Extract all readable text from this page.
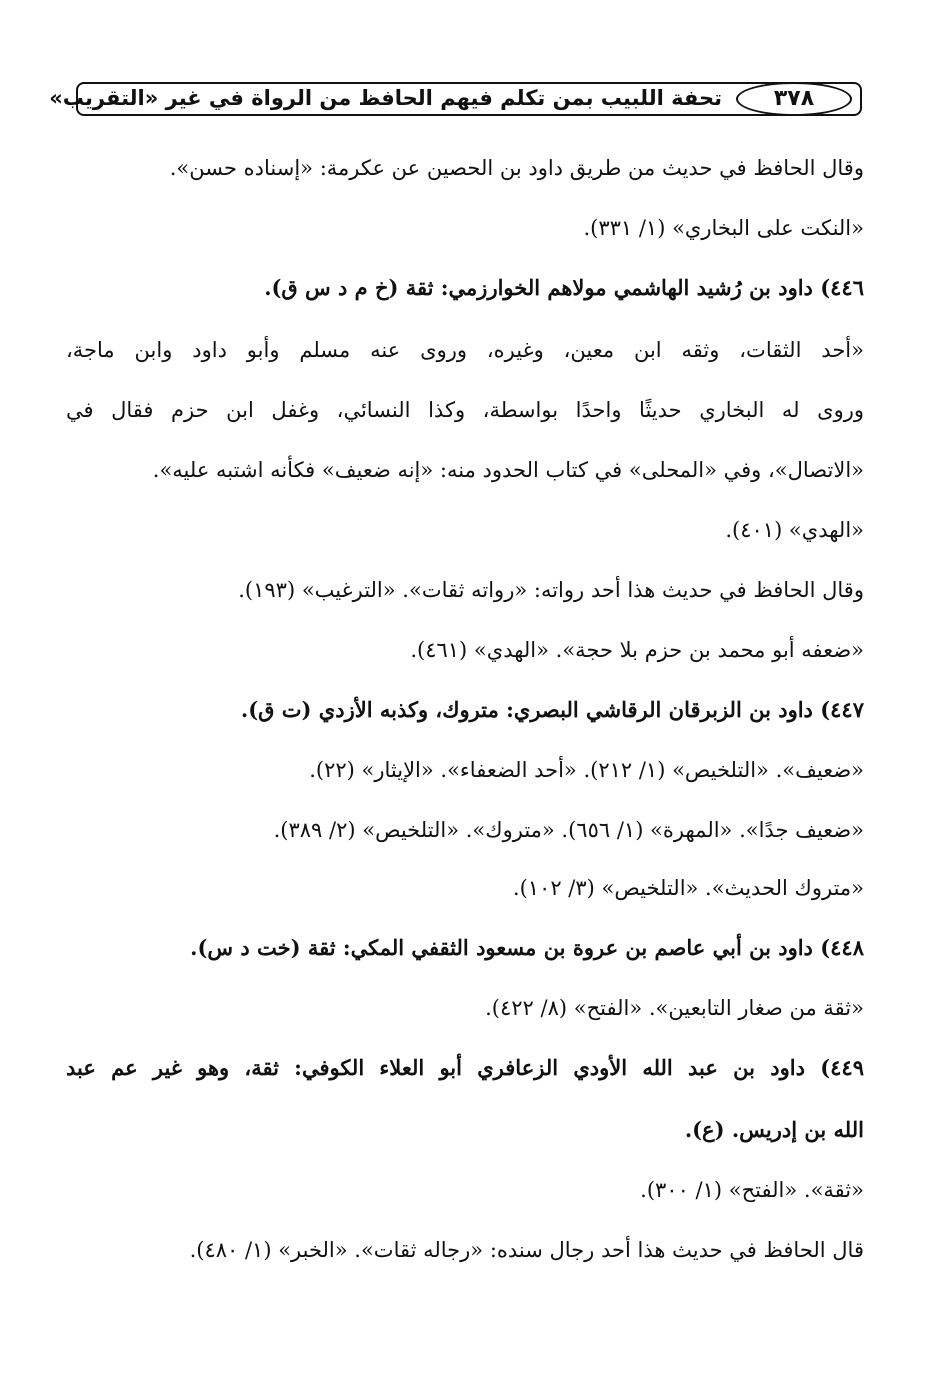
تحفة اللبيب بمن تكلم فيهم الحافظ من الرواة في غير «التقريب»	٣٧٨
وقال الحافظ في حديث من طريق داود بن الحصين عن عكرمة: «إسناده حسن».
«النكت على البخاري» (١/ ٣٣١).
٤٤٦) داود بن رُشيد الهاشمي مولاهم الخوارزمي: ثقة (خ م د س ق).
«أحد الثقات، وثقه ابن معين، وغيره، وروى عنه مسلم وأبو داود وابن ماجة،
وروى له البخاري حديثًا واحدًا بواسطة، وكذا النسائي، وغفل ابن حزم فقال في
«الاتصال»، وفي «المحلى» في كتاب الحدود منه: «إنه ضعيف» فكأنه اشتبه عليه».
«الهدي» (٤٠١).
وقال الحافظ في حديث هذا أحد رواته: «رواته ثقات». «الترغيب» (١٩٣).
«ضعفه أبو محمد بن حزم بلا حجة». «الهدي» (٤٦١).
٤٤٧) داود بن الزبرقان الرقاشي البصري: متروك، وكذبه الأزدي (ت ق).
«ضعيف». «التلخيص» (١/ ٢١٢). «أحد الضعفاء». «الإيثار» (٢٢).
«ضعيف جدًا». «المهرة» (١/ ٦٥٦). «متروك». «التلخيص» (٢/ ٣٨٩).
«متروك الحديث». «التلخيص» (٣/ ١٠٢).
٤٤٨) داود بن أبي عاصم بن عروة بن مسعود الثقفي المكي: ثقة (خت د س).
«ثقة من صغار التابعين». «الفتح» (٨/ ٤٢٢).
٤٤٩) داود بن عبد الله الأودي الزعافري أبو العلاء الكوفي: ثقة، وهو غير عم عبد
الله بن إدريس. (ع).
«ثقة». «الفتح» (١/ ٣٠٠).
قال الحافظ في حديث هذا أحد رجال سنده: «رجاله ثقات». «الخبر» (١/ ٤٨٠).
